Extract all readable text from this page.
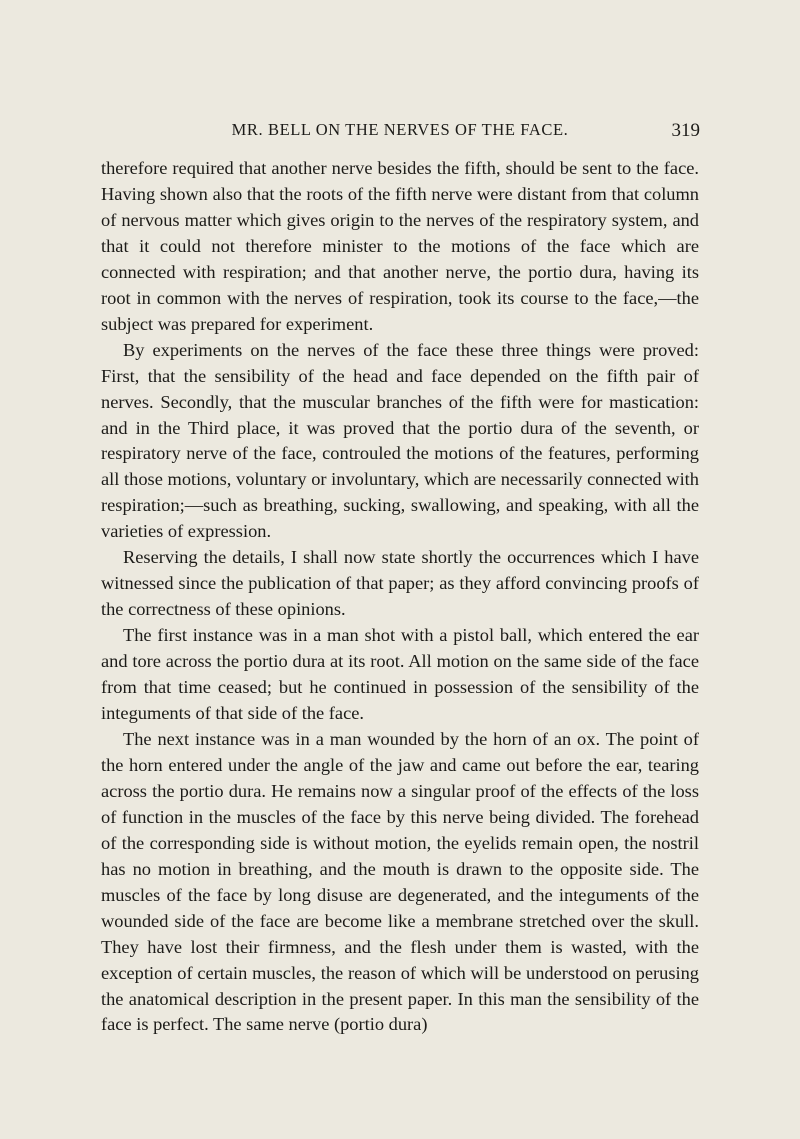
MR. BELL ON THE NERVES OF THE FACE.	319

therefore required that another nerve besides the fifth, should be sent to the face. Having shown also that the roots of the fifth nerve were distant from that column of nervous matter which gives origin to the nerves of the respiratory system, and that it could not therefore minister to the motions of the face which are connected with respiration; and that another nerve, the portio dura, having its root in common with the nerves of respiration, took its course to the face,—the subject was prepared for experiment.

By experiments on the nerves of the face these three things were proved: First, that the sensibility of the head and face depended on the fifth pair of nerves. Secondly, that the muscular branches of the fifth were for mastication: and in the Third place, it was proved that the portio dura of the seventh, or respiratory nerve of the face, controuled the motions of the features, performing all those motions, voluntary or involuntary, which are necessarily connected with respiration;—such as breathing, sucking, swallowing, and speaking, with all the varieties of expression.

Reserving the details, I shall now state shortly the occurrences which I have witnessed since the publication of that paper; as they afford convincing proofs of the correctness of these opinions.

The first instance was in a man shot with a pistol ball, which entered the ear and tore across the portio dura at its root. All motion on the same side of the face from that time ceased; but he continued in possession of the sensibility of the integuments of that side of the face.

The next instance was in a man wounded by the horn of an ox. The point of the horn entered under the angle of the jaw and came out before the ear, tearing across the portio dura. He remains now a singular proof of the effects of the loss of function in the muscles of the face by this nerve being divided. The forehead of the corresponding side is without motion, the eyelids remain open, the nostril has no motion in breathing, and the mouth is drawn to the opposite side. The muscles of the face by long disuse are degenerated, and the integuments of the wounded side of the face are become like a membrane stretched over the skull. They have lost their firmness, and the flesh under them is wasted, with the exception of certain muscles, the reason of which will be understood on perusing the anatomical description in the present paper. In this man the sensibility of the face is perfect. The same nerve (portio dura)
